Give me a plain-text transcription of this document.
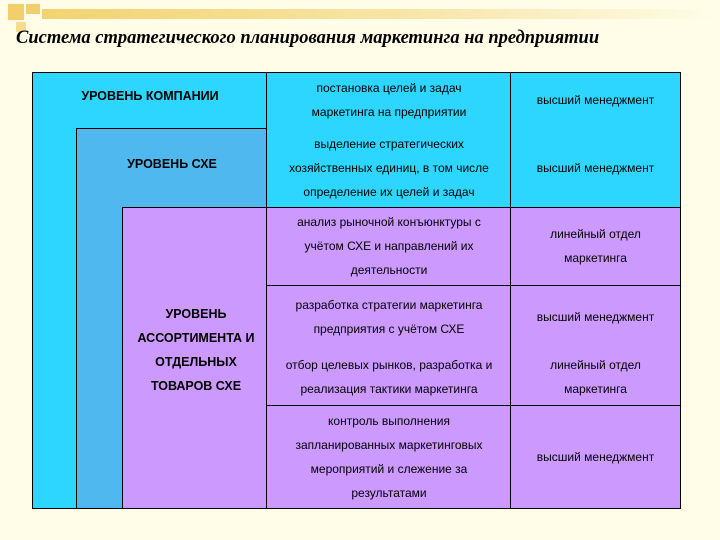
Система стратегического планирования маркетинга на предприятии
УРОВЕНЬ КОМПАНИИ
УРОВЕНЬ СХЕ
УРОВЕНЬ АССОРТИМЕНТА И ОТДЕЛЬНЫХ ТОВАРОВ СХЕ
постановка целей и задач маркетинга на предприятии
выделение стратегических хозяйственных единиц, в том числе определение их целей и задач
анализ рыночной конъюнктуры с учётом СХЕ и направлений их деятельности
разработка стратегии маркетинга предприятия с учётом СХЕ
отбор целевых рынков, разработка и реализация тактики маркетинга
контроль выполнения запланированных маркетинговых мероприятий и слежение за результатами
высший менеджмент
высший менеджмент
линейный отдел маркетинга
высший менеджмент
линейный отдел маркетинга
высший менеджмент
